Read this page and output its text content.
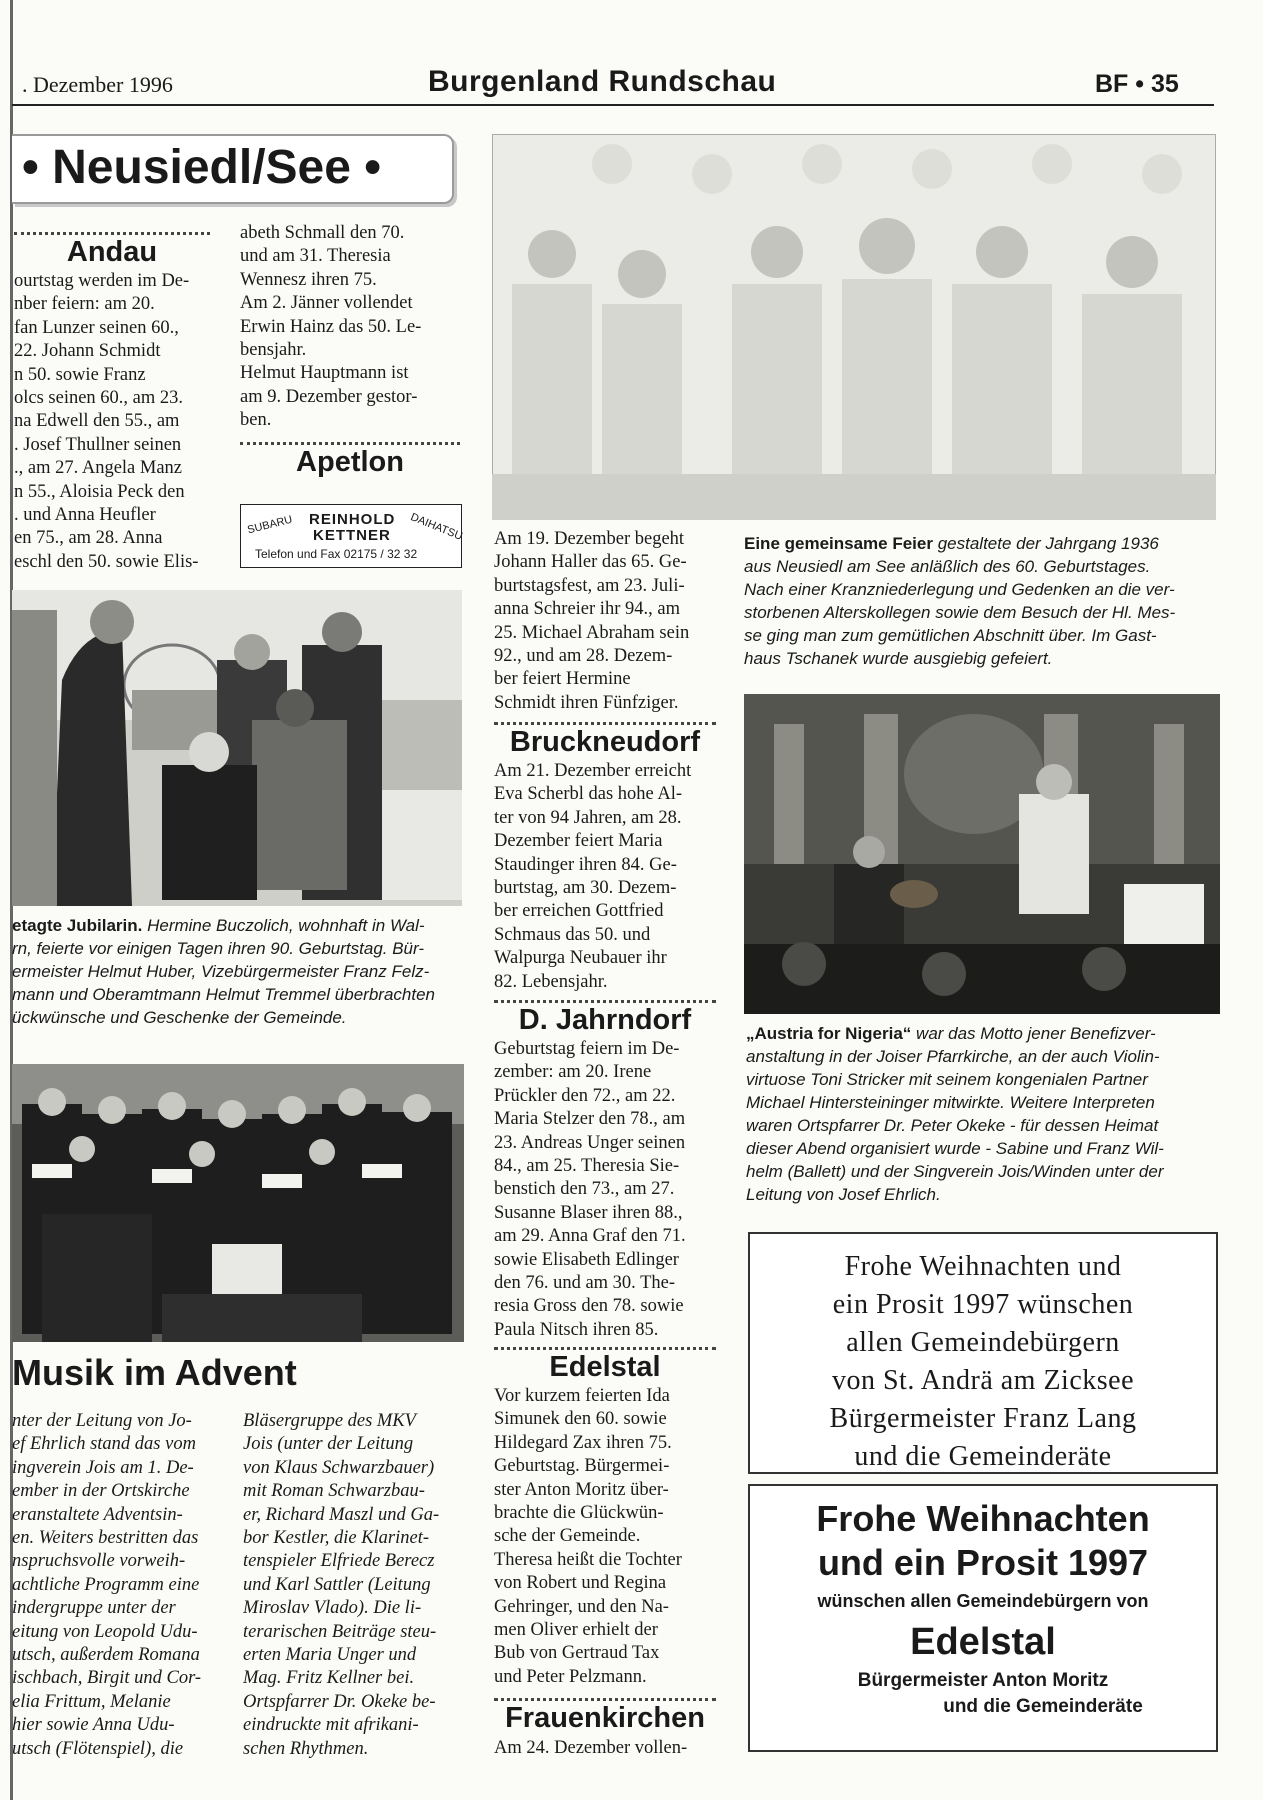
. Dezember 1996	Burgenland Rundschau	BF • 35
• Neusiedl/See •
Andau
ourtstag werden im De-
nber feiern: am 20.
fan Lunzer seinen 60.,
22. Johann Schmidt
n 50. sowie Franz
olcs seinen 60., am 23.
na Edwell den 55., am
. Josef Thullner seinen
., am 27. Angela Manz
n 55., Aloisia Peck den
. und Anna Heufler
en 75., am 28. Anna
eschl den 50. sowie Elis-
abeth Schmall den 70.
und am 31. Theresia
Wennesz ihren 75.
Am 2. Jänner vollendet
Erwin Hainz das 50. Le-
bensjahr.
Helmut Hauptmann ist
am 9. Dezember gestor-
ben.
Apetlon
SUBARU REINHOLD
KETTNER DAIHATSU
Telefon und Fax 02175 / 32 32
etagte Jubilarin. Hermine Buczolich, wohnhaft in Wal-
rn, feierte vor einigen Tagen ihren 90. Geburtstag. Bür-
ermeister Helmut Huber, Vizebürgermeister Franz Felz-
mann und Oberamtmann Helmut Tremmel überbrachten
ückwünsche und Geschenke der Gemeinde.
Musik im Advent
nter der Leitung von Jo-
ef Ehrlich stand das vom
ingverein Jois am 1. De-
ember in der Ortskirche
eranstaltete Adventsin-
en. Weiters bestritten das
nspruchsvolle vorweih-
achtliche Programm eine
indergruppe unter der
eitung von Leopold Udu-
utsch, außerdem Romana
ischbach, Birgit und Cor-
elia Frittum, Melanie
hier sowie Anna Udu-
utsch (Flötenspiel), die
Bläsergruppe des MKV
Jois (unter der Leitung
von Klaus Schwarzbauer)
mit Roman Schwarzbau-
er, Richard Maszl und Ga-
bor Kestler, die Klarinet-
tenspieler Elfriede Berecz
und Karl Sattler (Leitung
Miroslav Vlado). Die li-
terarischen Beiträge steu-
erten Maria Unger und
Mag. Fritz Kellner bei.
Ortspfarrer Dr. Okeke be-
eindruckte mit afrikani-
schen Rhythmen.
Am 19. Dezember begeht
Johann Haller das 65. Ge-
burtstagsfest, am 23. Juli-
anna Schreier ihr 94., am
25. Michael Abraham sein
92., und am 28. Dezem-
ber feiert Hermine
Schmidt ihren Fünfziger.
Bruckneudorf
Am 21. Dezember erreicht
Eva Scherbl das hohe Al-
ter von 94 Jahren, am 28.
Dezember feiert Maria
Staudinger ihren 84. Ge-
burtstag, am 30. Dezem-
ber erreichen Gottfried
Schmaus das 50. und
Walpurga Neubauer ihr
82. Lebensjahr.
D. Jahrndorf
Geburtstag feiern im De-
zember: am 20. Irene
Prückler den 72., am 22.
Maria Stelzer den 78., am
23. Andreas Unger seinen
84., am 25. Theresia Sie-
benstich den 73., am 27.
Susanne Blaser ihren 88.,
am 29. Anna Graf den 71.
sowie Elisabeth Edlinger
den 76. und am 30. The-
resia Gross den 78. sowie
Paula Nitsch ihren 85.
Edelstal
Vor kurzem feierten Ida
Simunek den 60. sowie
Hildegard Zax ihren 75.
Geburtstag. Bürgermei-
ster Anton Moritz über-
brachte die Glückwün-
sche der Gemeinde.
Theresa heißt die Tochter
von Robert und Regina
Gehringer, und den Na-
men Oliver erhielt der
Bub von Gertraud Tax
und Peter Pelzmann.
Frauenkirchen
Am 24. Dezember vollen-
Eine gemeinsame Feier gestaltete der Jahrgang 1936
aus Neusiedl am See anläßlich des 60. Geburtstages.
Nach einer Kranzniederlegung und Gedenken an die ver-
storbenen Alterskollegen sowie dem Besuch der Hl. Mes-
se ging man zum gemütlichen Abschnitt über. Im Gast-
haus Tschanek wurde ausgiebig gefeiert.
„Austria for Nigeria“ war das Motto jener Benefizver-
anstaltung in der Joiser Pfarrkirche, an der auch Violin-
virtuose Toni Stricker mit seinem kongenialen Partner
Michael Hintersteininger mitwirkte. Weitere Interpreten
waren Ortspfarrer Dr. Peter Okeke - für dessen Heimat
dieser Abend organisiert wurde - Sabine und Franz Wil-
helm (Ballett) und der Singverein Jois/Winden unter der
Leitung von Josef Ehrlich.
Frohe Weihnachten und
ein Prosit 1997 wünschen
allen Gemeindebürgern
von St. Andrä am Zicksee
Bürgermeister Franz Lang
und die Gemeinderäte
Frohe Weihnachten
und ein Prosit 1997
wünschen allen Gemeindebürgern von
Edelstal
Bürgermeister Anton Moritz
und die Gemeinderäte
